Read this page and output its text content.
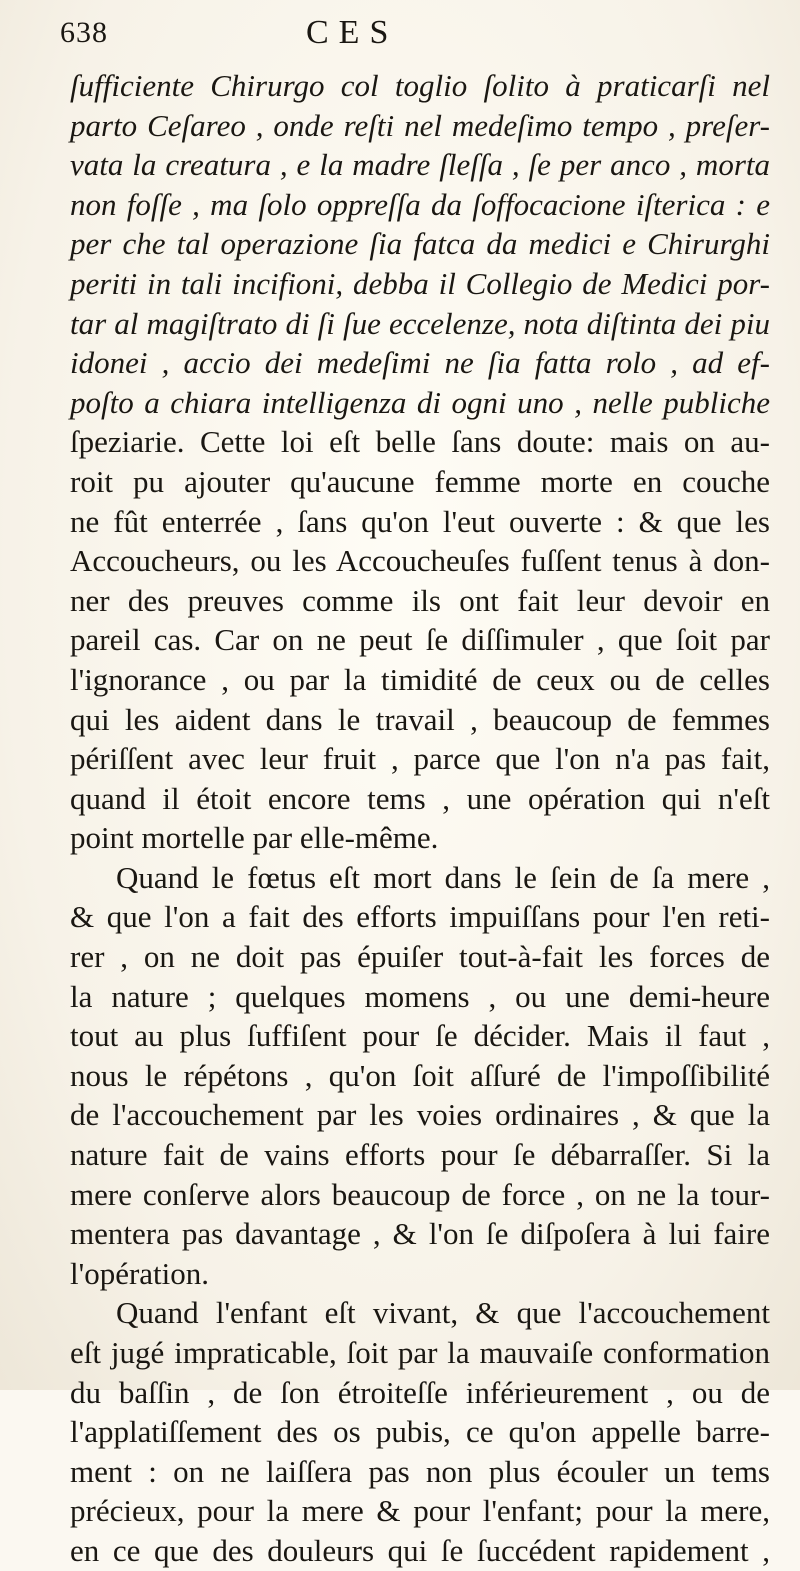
638	CES
ſufficiente Chirurgo col toglio ſolito à praticarſi nel
parto Ceſareo , onde reſti nel medeſimo tempo , preſer-
vata la creatura , e la madre ſleſſa , ſe per anco , morta
non foſſe , ma ſolo oppreſſa da ſoffocacione iſterica : e
per che tal operazione ſia fatca da medici e Chirurghi
periti in tali incifioni, debba il Collegio de Medici por-
tar al magiſtrato di ſi ſue eccelenze, nota diſtinta dei piu
idonei , accio dei medeſimi ne ſia fatta rolo , ad ef-
poſto a chiara intelligenza di ogni uno , nelle publiche
ſpeziarie. Cette loi eſt belle ſans doute: mais on au-
roit pu ajouter qu'aucune femme morte en couche
ne fût enterrée , ſans qu'on l'eut ouverte : & que les
Accoucheurs, ou les Accoucheuſes fuſſent tenus à don-
ner des preuves comme ils ont fait leur devoir en
pareil cas. Car on ne peut ſe diſſimuler , que ſoit par
l'ignorance , ou par la timidité de ceux ou de celles
qui les aident dans le travail , beaucoup de femmes
périſſent avec leur fruit , parce que l'on n'a pas fait,
quand il étoit encore tems , une opération qui n'eſt
point mortelle par elle-même.
Quand le fœtus eſt mort dans le ſein de ſa mere ,
& que l'on a fait des efforts impuiſſans pour l'en reti-
rer , on ne doit pas épuiſer tout-à-fait les forces de
la nature ; quelques momens , ou une demi-heure
tout au plus ſuffiſent pour ſe décider. Mais il faut ,
nous le répétons , qu'on ſoit aſſuré de l'impoſſibilité
de l'accouchement par les voies ordinaires , & que la
nature fait de vains efforts pour ſe débarraſſer. Si la
mere conſerve alors beaucoup de force , on ne la tour-
mentera pas davantage , & l'on ſe diſpoſera à lui faire
l'opération.
Quand l'enfant eſt vivant, & que l'accouchement
eſt jugé impraticable, ſoit par la mauvaiſe conformation
du baſſin , de ſon étroiteſſe inférieurement , ou de
l'applatiſſement des os pubis, ce qu'on appelle barre-
ment : on ne laiſſera pas non plus écouler un tems
précieux, pour la mere & pour l'enfant; pour la mere,
en ce que des douleurs qui ſe ſuccédent rapidement ,
